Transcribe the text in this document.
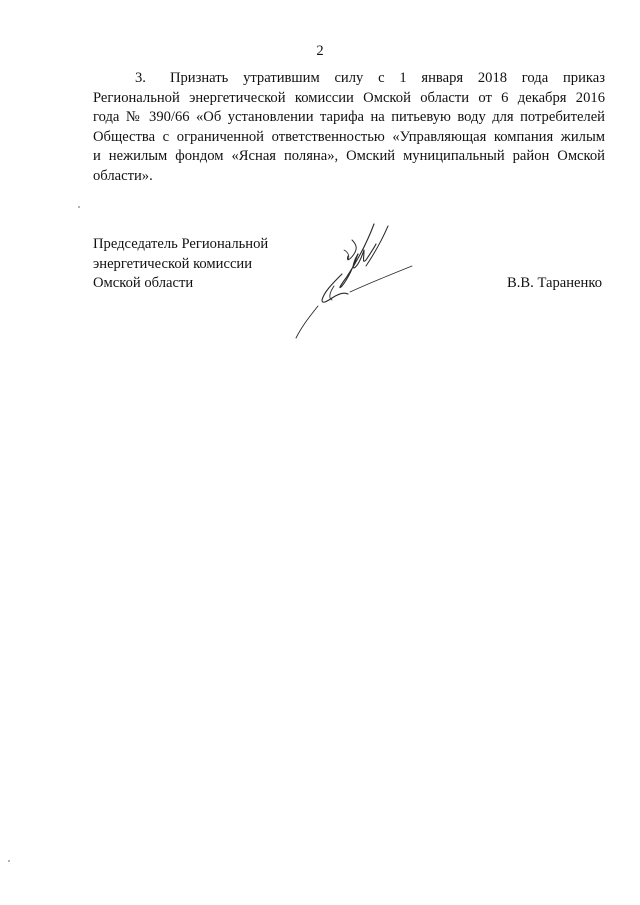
2
3. Признать утратившим силу с 1 января 2018 года приказ
Региональной энергетической комиссии Омской области от 6 декабря 2016
года № 390/66 «Об установлении тарифа на питьевую воду для потребителей
Общества с ограниченной ответственностью «Управляющая компания жилым
и нежилым фондом «Ясная поляна», Омский муниципальный район Омской
области».
Председатель Региональной
энергетической комиссии
Омской области	В.В. Тараненко
